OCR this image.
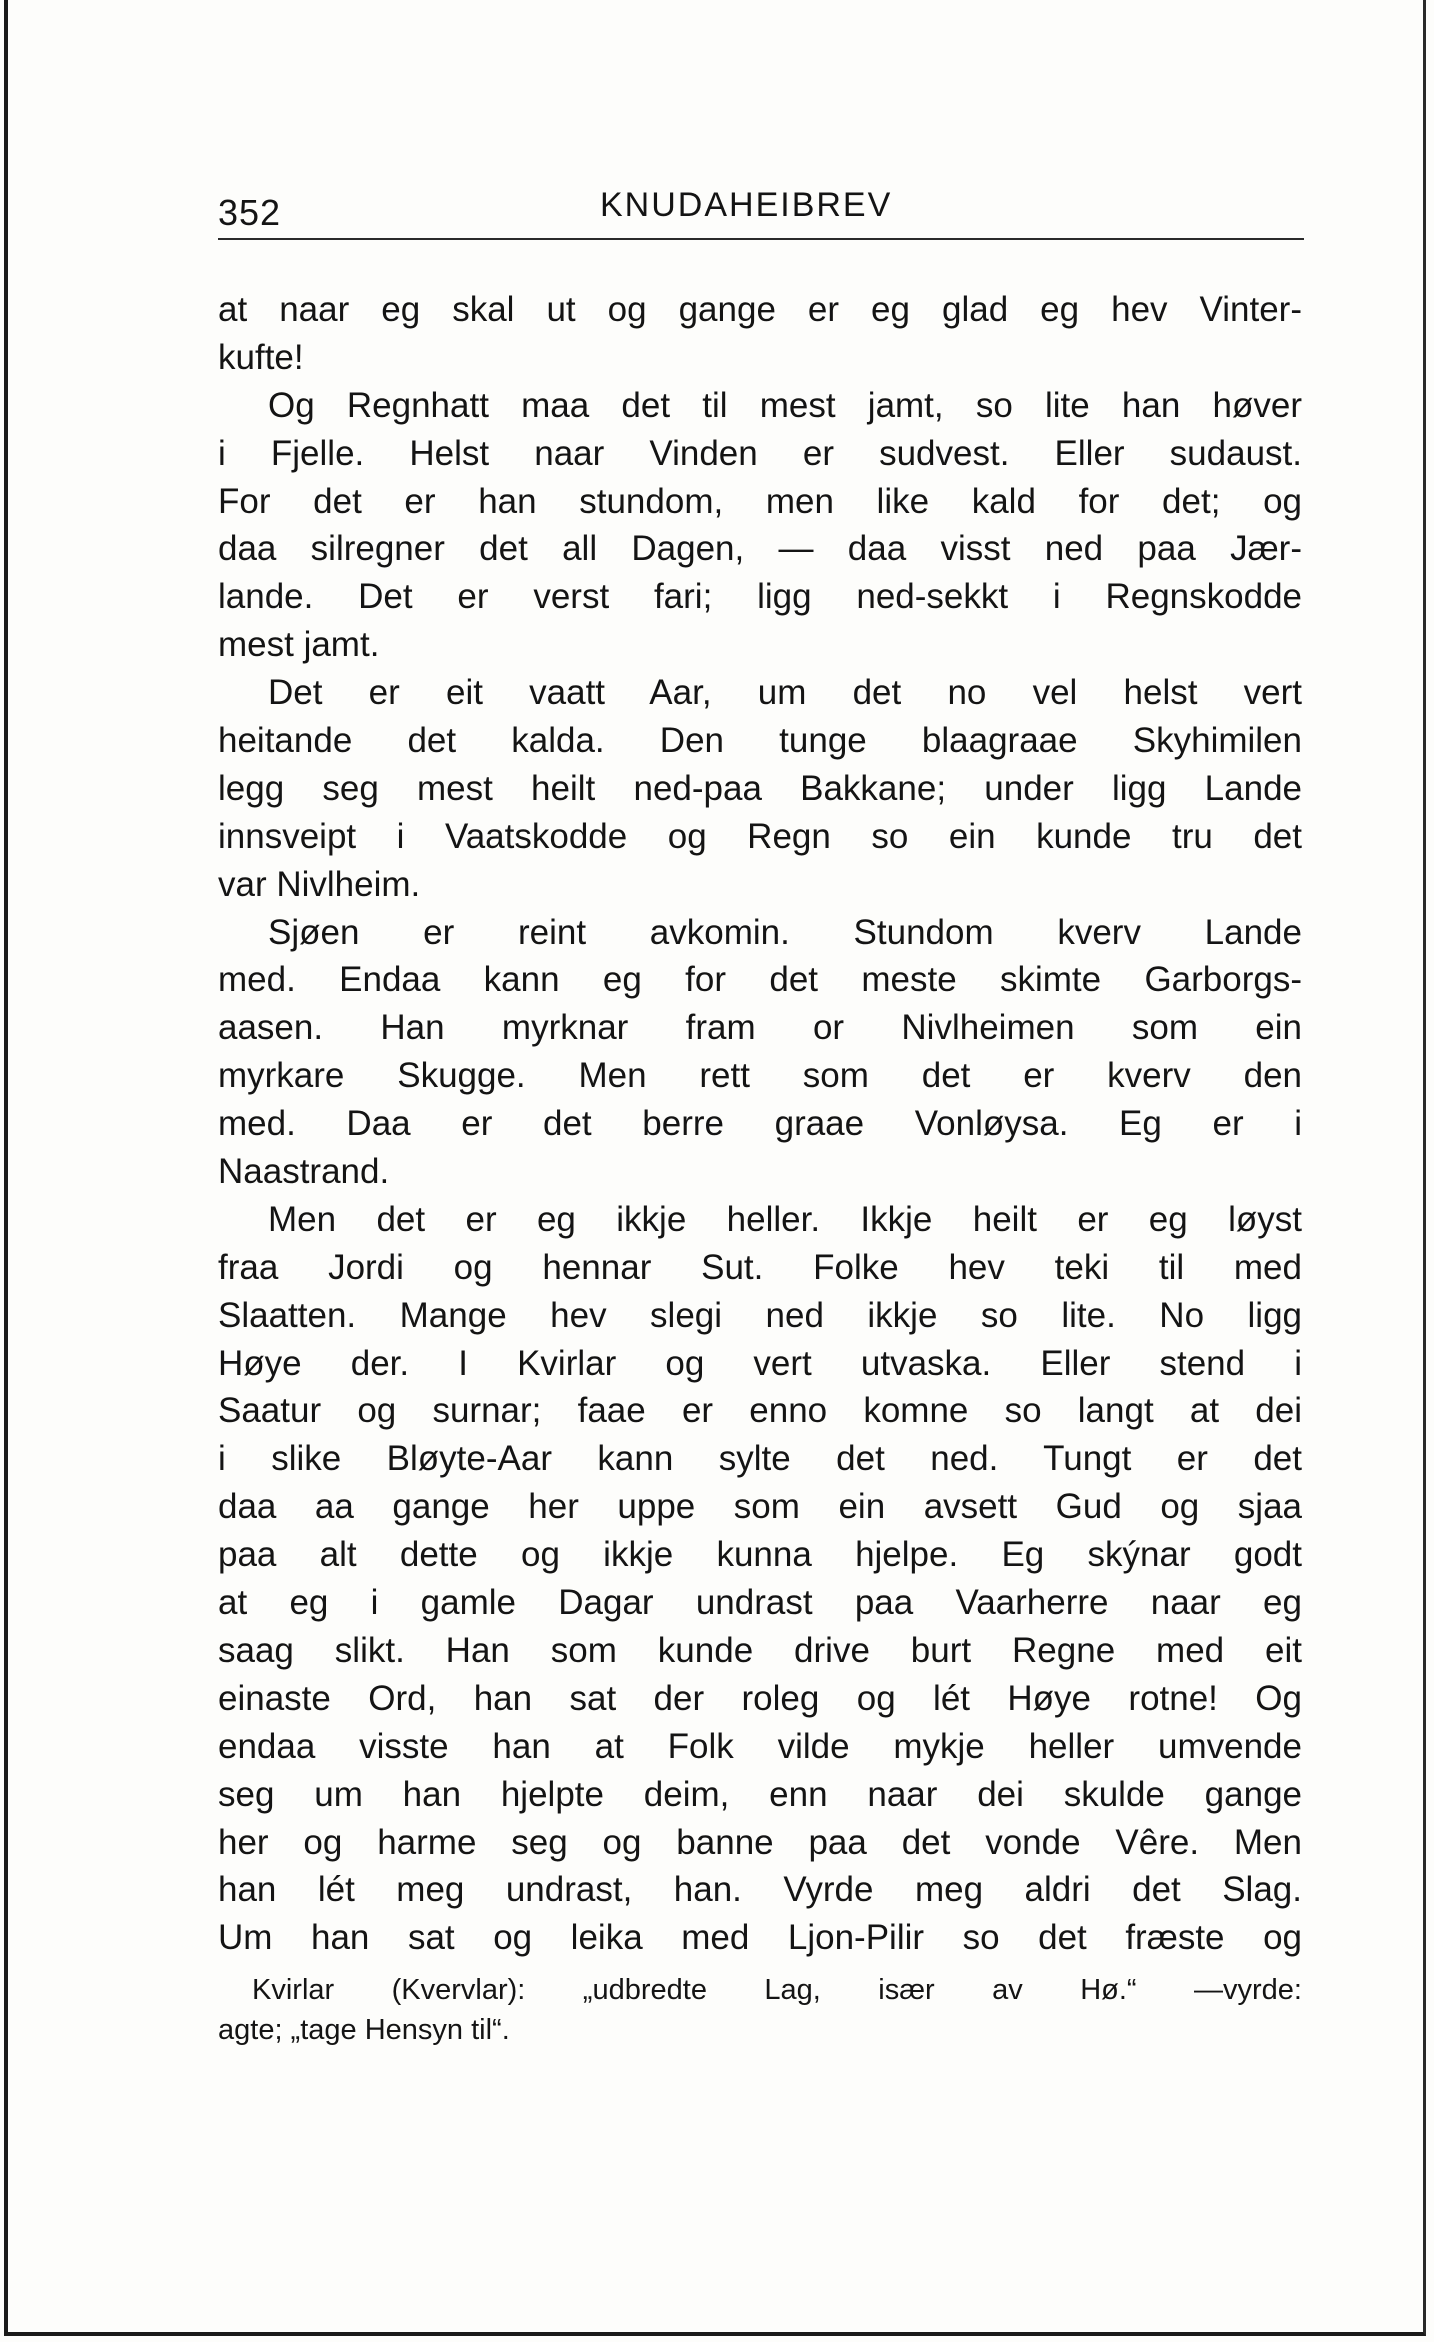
352	KNUDAHEIBREV
at naar eg skal ut og gange er eg glad eg hev Vinter-
kufte!
Og Regnhatt maa det til mest jamt, so lite han høver
i Fjelle. Helst naar Vinden er sudvest. Eller sudaust.
For det er han stundom, men like kald for det; og
daa silregner det all Dagen, — daa visst ned paa Jær-
lande. Det er verst fari; ligg ned-sekkt i Regnskodde
mest jamt.
Det er eit vaatt Aar, um det no vel helst vert
heitande det kalda. Den tunge blaagraae Skyhimilen
legg seg mest heilt ned-paa Bakkane; under ligg Lande
innsveipt i Vaatskodde og Regn so ein kunde tru det
var Nivlheim.
Sjøen er reint avkomin. Stundom kverv Lande
med. Endaa kann eg for det meste skimte Garborgs-
aasen. Han myrknar fram or Nivlheimen som ein
myrkare Skugge. Men rett som det er kverv den
med. Daa er det berre graae Vonløysa. Eg er i
Naastrand.
Men det er eg ikkje heller. Ikkje heilt er eg løyst
fraa Jordi og hennar Sut. Folke hev teki til med
Slaatten. Mange hev slegi ned ikkje so lite. No ligg
Høye der. I Kvirlar og vert utvaska. Eller stend i
Saatur og surnar; faae er enno komne so langt at dei
i slike Bløyte-Aar kann sylte det ned. Tungt er det
daa aa gange her uppe som ein avsett Gud og sjaa
paa alt dette og ikkje kunna hjelpe. Eg skýnar godt
at eg i gamle Dagar undrast paa Vaarherre naar eg
saag slikt. Han som kunde drive burt Regne med eit
einaste Ord, han sat der roleg og lét Høye rotne! Og
endaa visste han at Folk vilde mykje heller umvende
seg um han hjelpte deim, enn naar dei skulde gange
her og harme seg og banne paa det vonde Vêre. Men
han lét meg undrast, han. Vyrde meg aldri det Slag.
Um han sat og leika med Ljon-Pilir so det fræste og
Kvirlar (Kvervlar): „udbredte Lag, især av Hø.“ —vyrde:
agte; „tage Hensyn til“.
